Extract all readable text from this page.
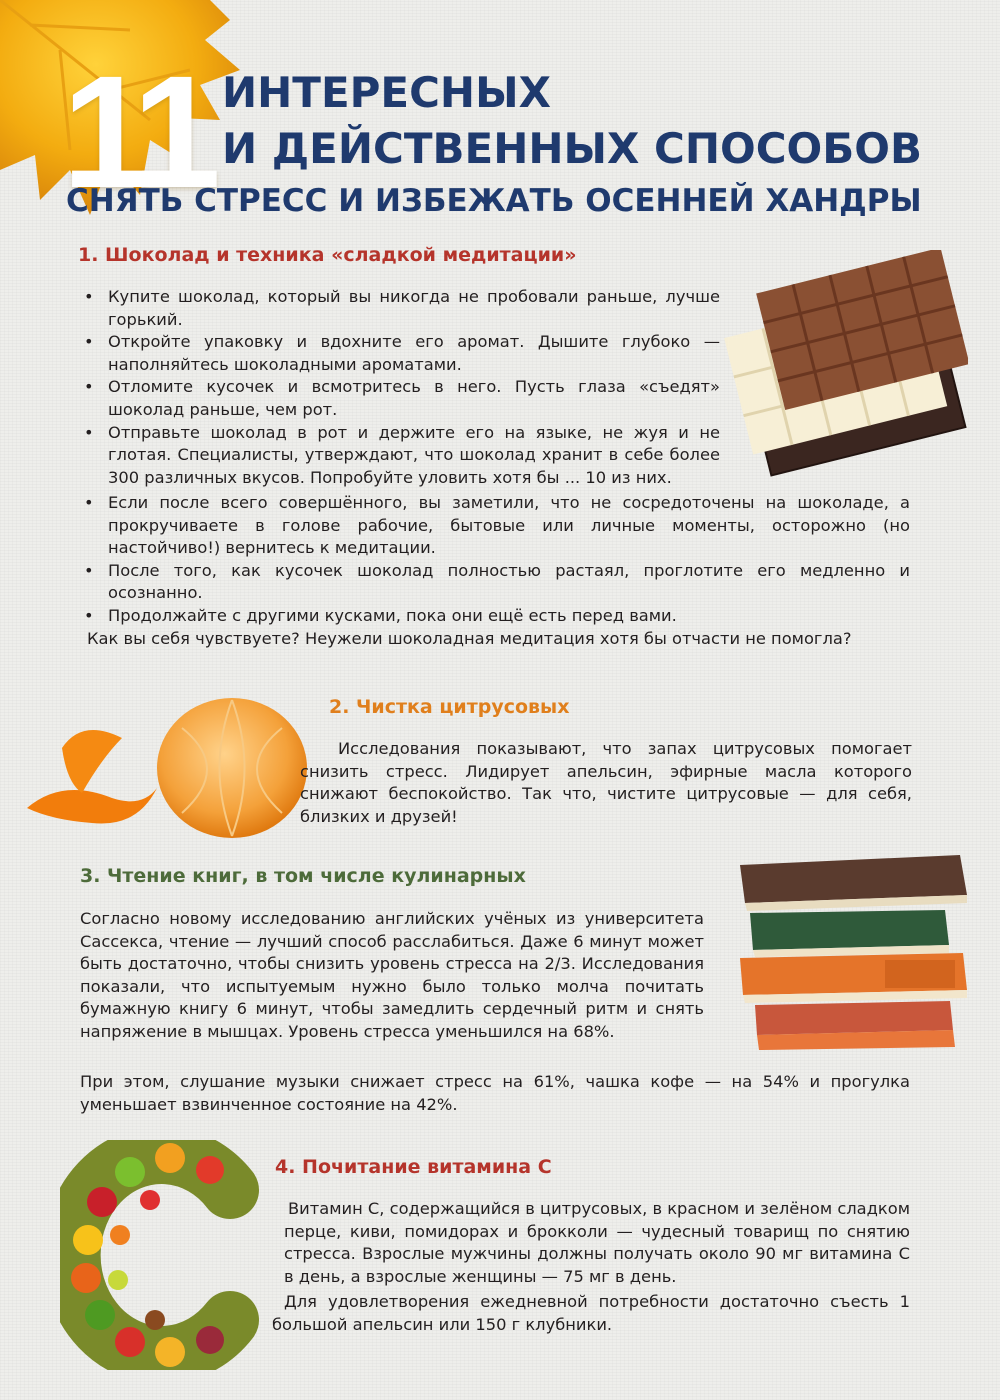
11 ИНТЕРЕСНЫХ
И ДЕЙСТВЕННЫХ СПОСОБОВ
СНЯТЬ СТРЕСС И ИЗБЕЖАТЬ ОСЕННЕЙ ХАНДРЫ
1. Шоколад и техника «сладкой медитации»
• Купите шоколад, который вы никогда не пробовали раньше, лучше горький.
• Откройте упаковку и вдохните его аромат. Дышите глубоко — наполняйтесь шоколадными ароматами.
• Отломите кусочек и всмотритесь в него. Пусть глаза «съедят» шоколад раньше, чем рот.
• Отправьте шоколад в рот и держите его на языке, не жуя и не глотая. Специалисты, утверждают, что шоколад хранит в себе более 300 различных вкусов. Попробуйте уловить хотя бы ... 10 из них.
• Если после всего совершённого, вы заметили, что не сосредоточены на шоколаде, а прокручиваете в голове рабочие, бытовые или личные моменты, осторожно (но настойчиво!) вернитесь к медитации.
• После того, как кусочек шоколад полностью растаял, проглотите его медленно и осознанно.
• Продолжайте с другими кусками, пока они ещё есть перед вами.

Как вы себя чувствуете? Неужели шоколадная медитация хотя бы отчасти не помогла?

2. Чистка цитрусовых
Исследования показывают, что запах цитрусовых помогает снизить стресс. Лидирует апельсин, эфирные масла которого снижают беспокойство. Так что, чистите цитрусовые — для себя, близких и друзей!
3. Чтение книг, в том числе кулинарных
Согласно новому исследованию английских учёных из университета Сассекса, чтение — лучший способ расслабиться. Даже 6 минут может быть достаточно, чтобы снизить уровень стресса на 2/3. Исследования показали, что испытуемым нужно было только молча почитать бумажную книгу 6 минут, чтобы замедлить сердечный ритм и снять напряжение в мышцах. Уровень стресса уменьшился на 68%.
При этом, слушание музыки снижает стресс на 61%, чашка кофе — на 54% и прогулка уменьшает взвинченное состояние на 42%.
4. Почитание витамина С
Витамин С, содержащийся в цитрусовых, в красном и зелёном сладком перце, киви, помидорах и брокколи — чудесный товарищ по снятию стресса. Взрослые мужчины должны получать около 90 мг витамина С в день, а взрослые женщины — 75 мг в день.
Для удовлетворения ежедневной потребности достаточно съесть 1 большой апельсин или 150 г клубники.
